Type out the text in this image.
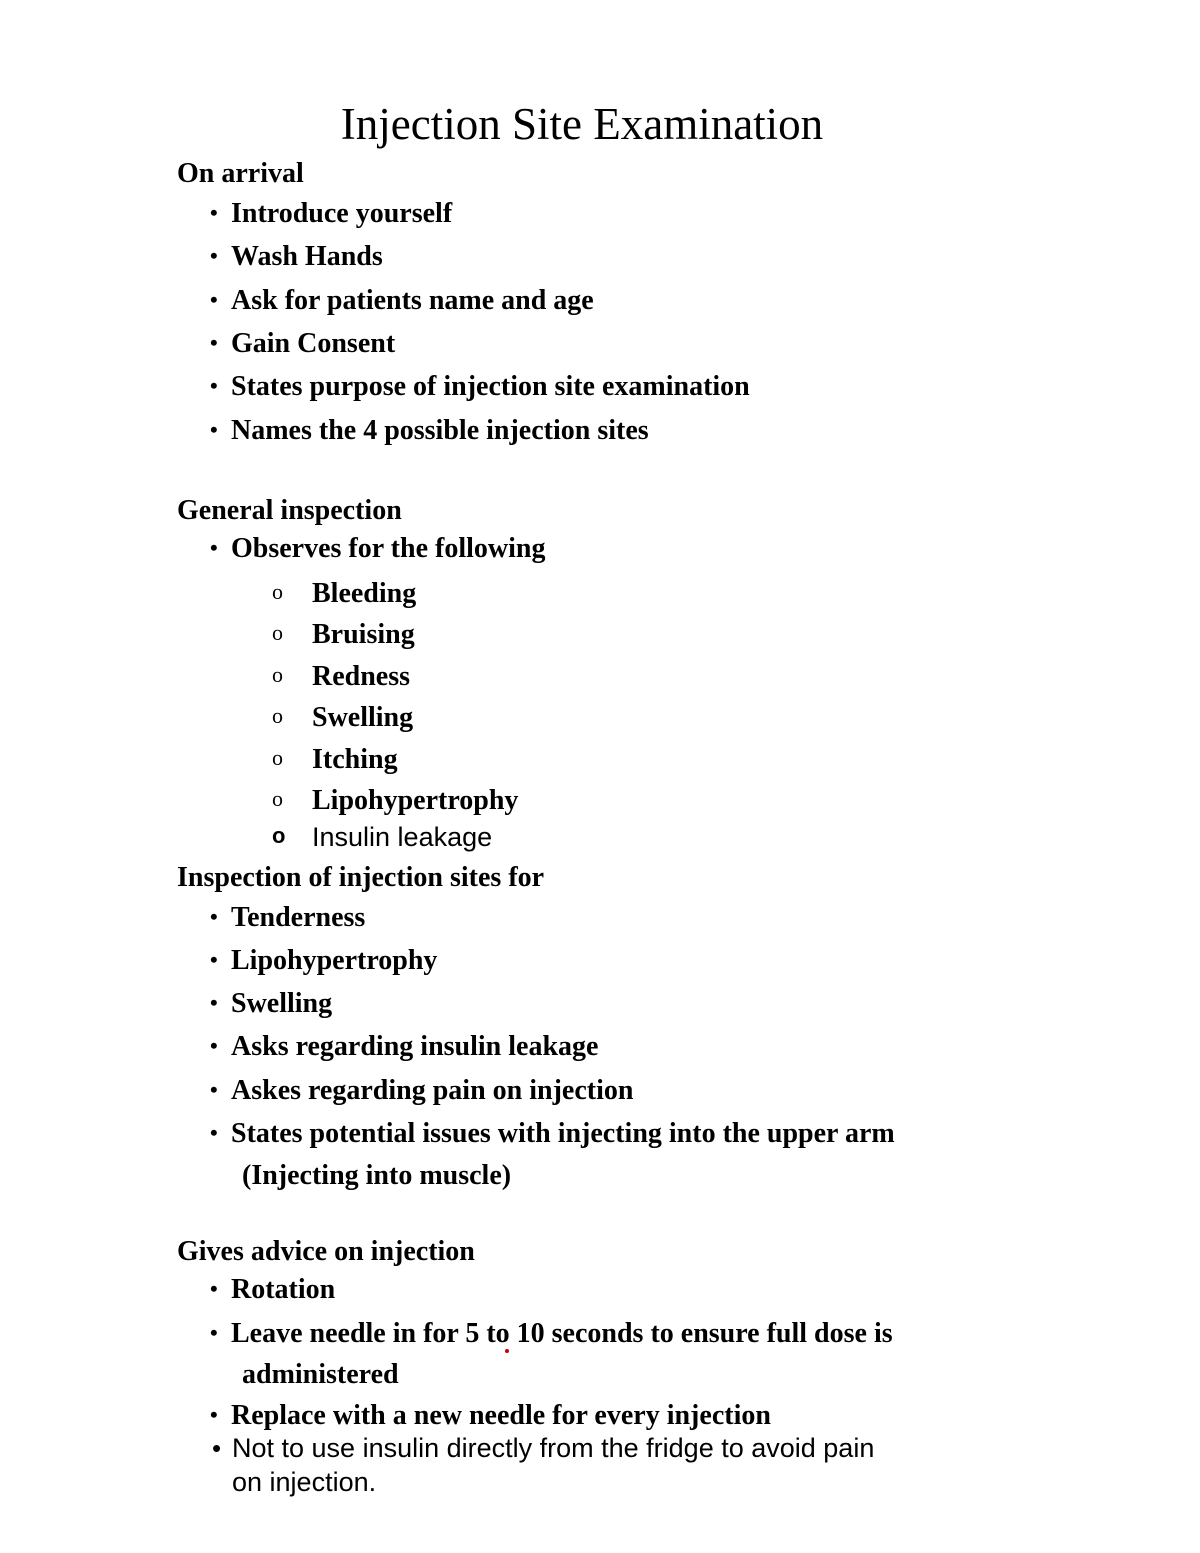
Injection Site Examination
On arrival
• Introduce yourself
• Wash Hands
• Ask for patients name and age
• Gain Consent
• States purpose of injection site examination
• Names the 4 possible injection sites
General inspection
• Observes for the following
o Bleeding
o Bruising
o Redness
o Swelling
o Itching
o Lipohypertrophy
o Insulin leakage
Inspection of injection sites for
• Tenderness
• Lipohypertrophy
• Swelling
• Asks regarding insulin leakage
• Askes regarding pain on injection
• States potential issues with injecting into the upper arm
(Injecting into muscle)
Gives advice on injection
• Rotation
• Leave needle in for 5 to 10 seconds to ensure full dose is
administered
• Replace with a new needle for every injection
• Not to use insulin directly from the fridge to avoid pain
on injection.
